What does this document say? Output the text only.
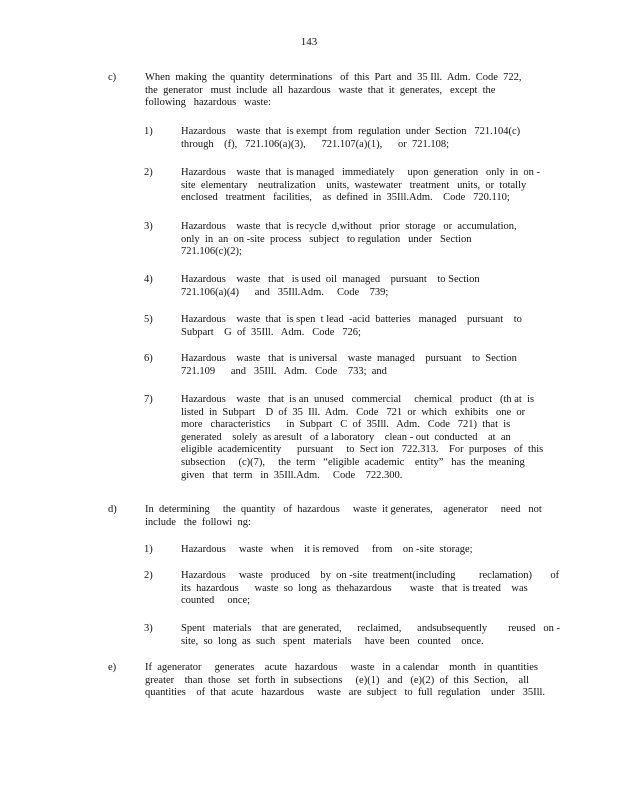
143
c)	When  making  the  quantity  determinations   of  this  Part  and  35 Ill.  Adm.  Code  722,
the  generator   must  include  all  hazardous   waste  that  it  generates,   except  the
following   hazardous   waste:
1)	Hazardous    waste  that  is exempt  from  regulation  under  Section   721.104(c)
through    (f),   721.106(a)(3),      721.107(a)(1),      or  721.108;
2)	Hazardous    waste  that  is managed   immediately     upon  generation   only  in  on -
site  elementary    neutralization    units,  wastewater   treatment   units,  or  totally
enclosed   treatment   facilities,    as  defined  in  35Ill.Adm.    Code   720.110;
3)	Hazardous    waste  that  is recycle  d,without   prior  storage   or  accumulation,
only  in  an  on -site  process   subject   to regulation   under   Section
721.106(c)(2);
4)	Hazardous    waste   that   is used  oil  managed    pursuant    to Section
721.106(a)(4)      and   35Ill.Adm.     Code    739;
5)	Hazardous    waste  that  is spen  t lead  -acid  batteries   managed    pursuant    to
Subpart    G  of  35Ill.   Adm.   Code   726;
6)	Hazardous    waste   that  is universal    waste  managed    pursuant    to  Section
721.109      and   35Ill.   Adm.   Code    733;  and
7)	Hazardous    waste   that  is an  unused   commercial     chemical   product   (th at  is
listed  in  Subpart    D  of  35  Ill.  Adm.   Code   721  or  which   exhibits   one  or
more   characteristics      in  Subpart   C  of  35Ill.   Adm.   Code   721)  that  is
generated    solely  as aresult   of  a laboratory    clean - out  conducted    at  an
eligible  academicentity      pursuant     to  Sect ion   722.313.    For  purposes   of  this
subsection     (c)(7),     the  term   “eligible  academic    entity”   has  the  meaning
given   that  term   in  35Ill.Adm.     Code    722.300.
d)	In  determining     the  quantity   of  hazardous     waste  it generates,    agenerator     need   not
include   the  followi  ng:
1)	Hazardous     waste   when    it is removed     from    on -site  storage;
2)	Hazardous     waste   produced    by  on -site  treatment(including         reclamation)       of
its  hazardous      waste  so  long  as  thehazardous       waste   that  is treated    was
counted     once;
3)	Spent   materials    that  are generated,      reclaimed,      andsubsequently        reused   on -
site,  so  long  as  such   spent   materials     have  been   counted    once.
e)	If  agenerator     generates    acute   hazardous     waste   in  a calendar    month   in  quantities
greater    than  those   set  forth  in  subsections     (e)(1)   and   (e)(2)  of  this  Section,    all
quantities    of  that  acute   hazardous     waste   are  subject   to  full  regulation    under   35Ill.
